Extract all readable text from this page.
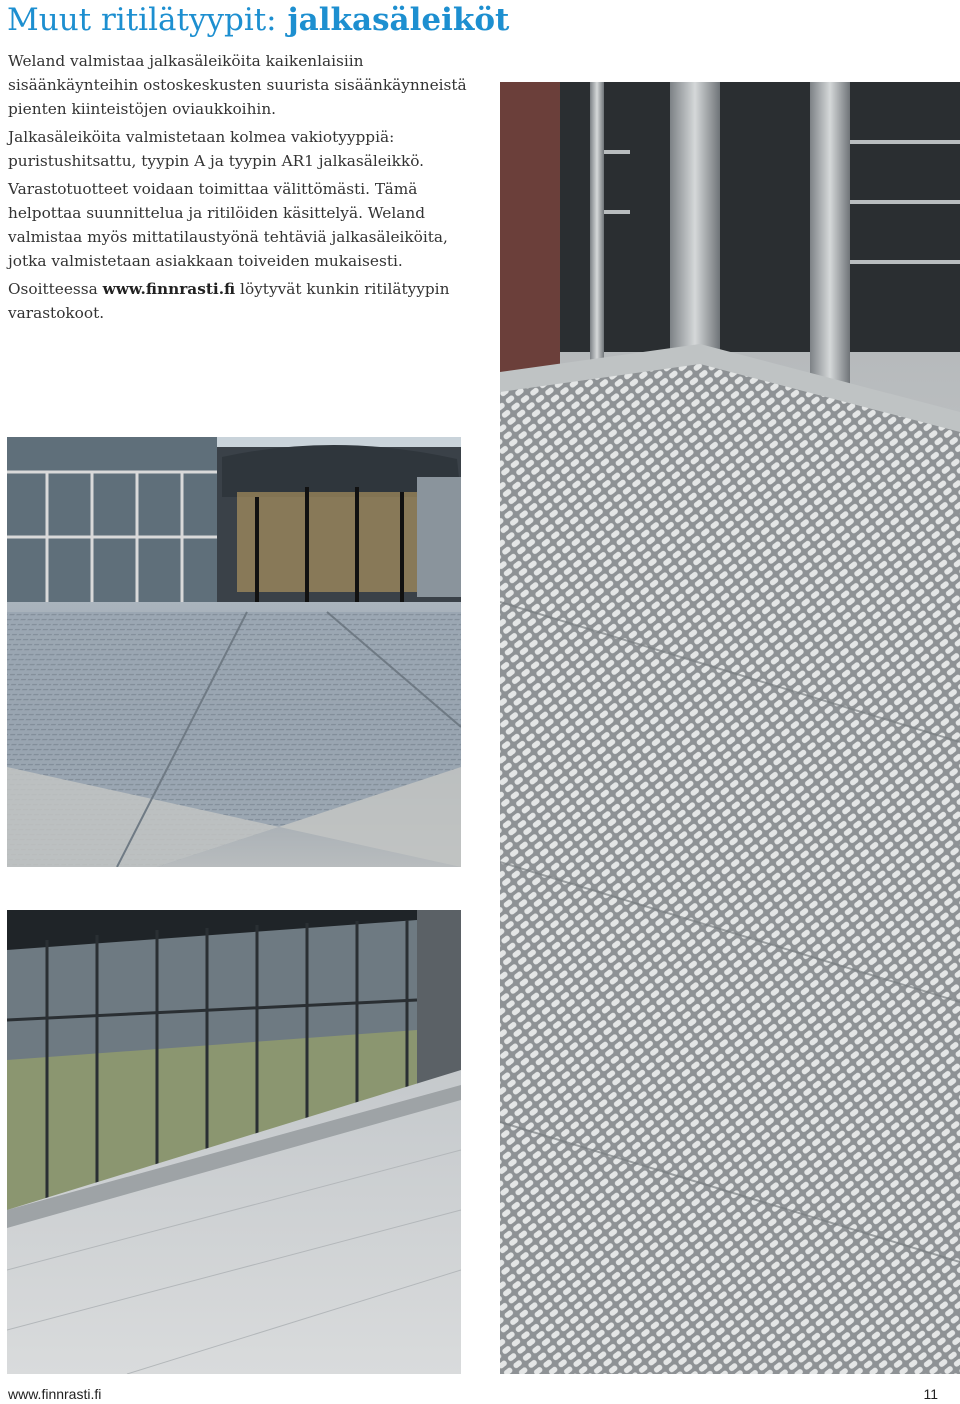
Muut ritilätyypit: jalkasäleiköt

Weland valmistaa jalkasäleiköita kaikenlaisiin sisäänkäynteihin ostoskeskusten suurista sisäänkäynneistä pienten kiinteistöjen oviaukkoihin.

Jalkasäleiköita valmistetaan kolmea vakiotyyppiä: puristushitsattu, tyypin A ja tyypin AR1 jalkasäleikkö.

Varastotuotteet voidaan toimittaa välittömästi. Tämä helpottaa suunnittelua ja ritilöiden käsittelyä. Weland valmistaa myös mittatilaustyönä tehtäviä jalkasäleiköita, jotka valmistetaan asiakkaan toiveiden mukaisesti.

Osoitteessa www.finnrasti.fi löytyvät kunkin ritilätyypin varastokoot.

www.finnrasti.fi	11
